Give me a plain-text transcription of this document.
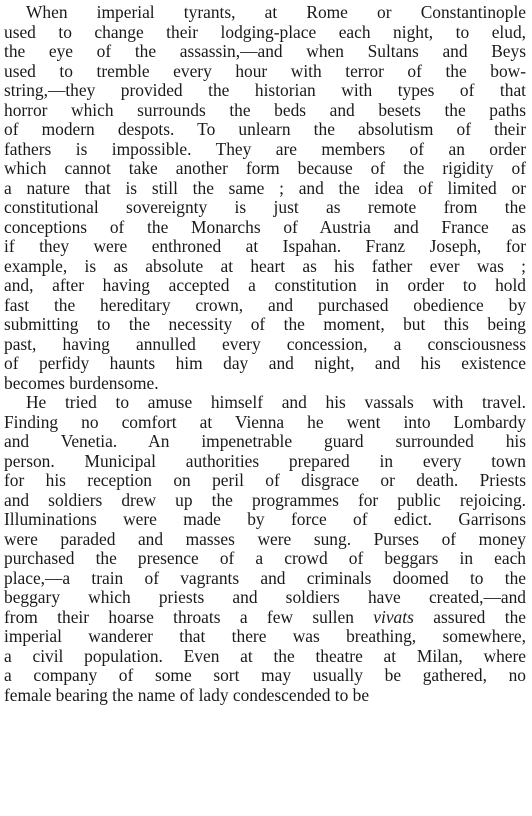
When imperial tyrants, at Rome or Constantinople
used to change their lodging-place each night, to elud,
the eye of the assassin,—and when Sultans and Beys
used to tremble every hour with terror of the bow-
string,—they provided the historian with types of that
horror which surrounds the beds and besets the paths
of modern despots. To unlearn the absolutism of their
fathers is impossible. They are members of an order
which cannot take another form because of the rigidity of
a nature that is still the same ; and the idea of limited or
constitutional sovereignty is just as remote from the
conceptions of the Monarchs of Austria and France as
if they were enthroned at Ispahan. Franz Joseph, for
example, is as absolute at heart as his father ever was ;
and, after having accepted a constitution in order to hold
fast the hereditary crown, and purchased obedience by
submitting to the necessity of the moment, but this being
past, having annulled every concession, a consciousness
of perfidy haunts him day and night, and his existence
becomes burdensome.
He tried to amuse himself and his vassals with travel.
Finding no comfort at Vienna he went into Lombardy
and Venetia. An impenetrable guard surrounded his
person. Municipal authorities prepared in every town
for his reception on peril of disgrace or death. Priests
and soldiers drew up the programmes for public rejoicing.
Illuminations were made by force of edict. Garrisons
were paraded and masses were sung. Purses of money
purchased the presence of a crowd of beggars in each
place,—a train of vagrants and criminals doomed to the
beggary which priests and soldiers have created,—and
from their hoarse throats a few sullen vivats assured the
imperial wanderer that there was breathing, somewhere,
a civil population. Even at the theatre at Milan, where
a company of some sort may usually be gathered, no
female bearing the name of lady condescended to be
